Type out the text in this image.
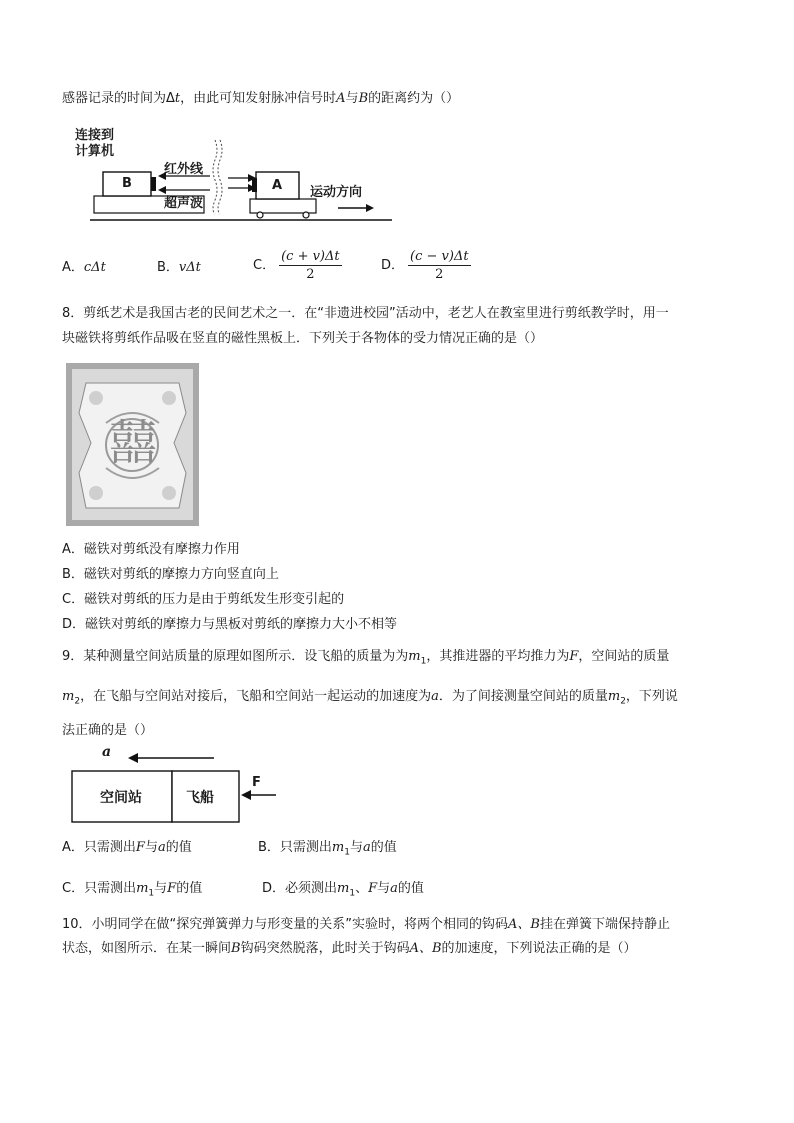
感器记录的时间为Δt，由此可知发射脉冲信号时A与B的距离约为（）
连接到
计算机
红外线
超声波
B	A 运动方向
A．cΔt	B．vΔt	C． $\frac{(c + v)\Delta t}{2}$	D． $\frac{(c - v)\Delta t}{2}$
8．剪纸艺术是我国古老的民间艺术之一．在“非遗进校园”活动中，老艺人在教室里进行剪纸教学时，用一
块磁铁将剪纸作品吸在竖直的磁性黑板上．下列关于各物体的受力情况正确的是（）
囍
A．磁铁对剪纸没有摩擦力作用
B．磁铁对剪纸的摩擦力方向竖直向上
C．磁铁对剪纸的压力是由于剪纸发生形变引起的
D．磁铁对剪纸的摩擦力与黑板对剪纸的摩擦力大小不相等
9．某种测量空间站质量的原理如图所示．设飞船的质量为为$m_1$，其推进器的平均推力为F，空间站的质量
$m_2$，在飞船与空间站对接后，飞船和空间站一起运动的加速度为a．为了间接测量空间站的质量$m_2$，下列说
法正确的是（）
a
空间站	飞船
F
A．只需测出F与a的值	B．只需测出$m_1$与a的值
C．只需测出$m_1$与F的值	D．必须测出$m_1$、F与a的值
10．小明同学在做“探究弹簧弹力与形变量的关系”实验时，将两个相同的钩码A、B挂在弹簧下端保持静止
状态，如图所示．在某一瞬间B钩码突然脱落，此时关于钩码A、B的加速度，下列说法正确的是（）
